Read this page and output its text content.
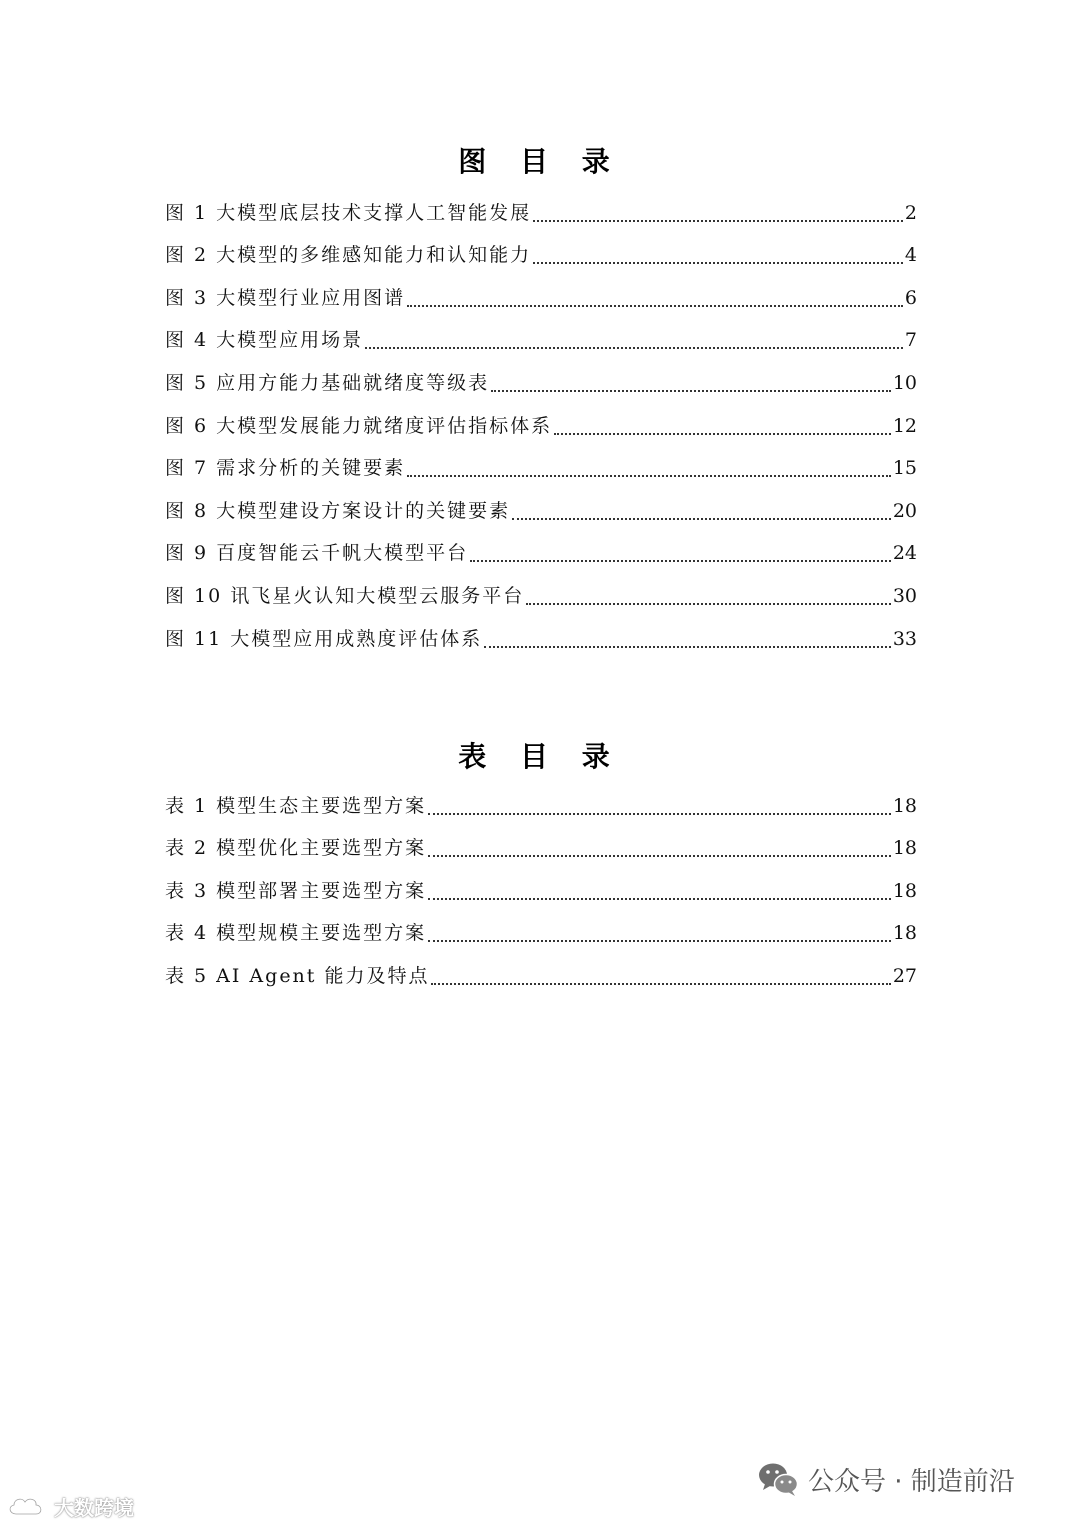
图 目 录
图 1 大模型底层技术支撑人工智能发展	2
图 2 大模型的多维感知能力和认知能力	4
图 3 大模型行业应用图谱	6
图 4 大模型应用场景	7
图 5 应用方能力基础就绪度等级表	10
图 6 大模型发展能力就绪度评估指标体系	12
图 7 需求分析的关键要素	15
图 8 大模型建设方案设计的关键要素	20
图 9 百度智能云千帆大模型平台	24
图 10 讯飞星火认知大模型云服务平台	30
图 11 大模型应用成熟度评估体系	33
表 目 录
表 1 模型生态主要选型方案	18
表 2 模型优化主要选型方案	18
表 3 模型部署主要选型方案	18
表 4 模型规模主要选型方案	18
表 5 AI Agent 能力及特点	27
大数跨境
公众号 · 制造前沿
